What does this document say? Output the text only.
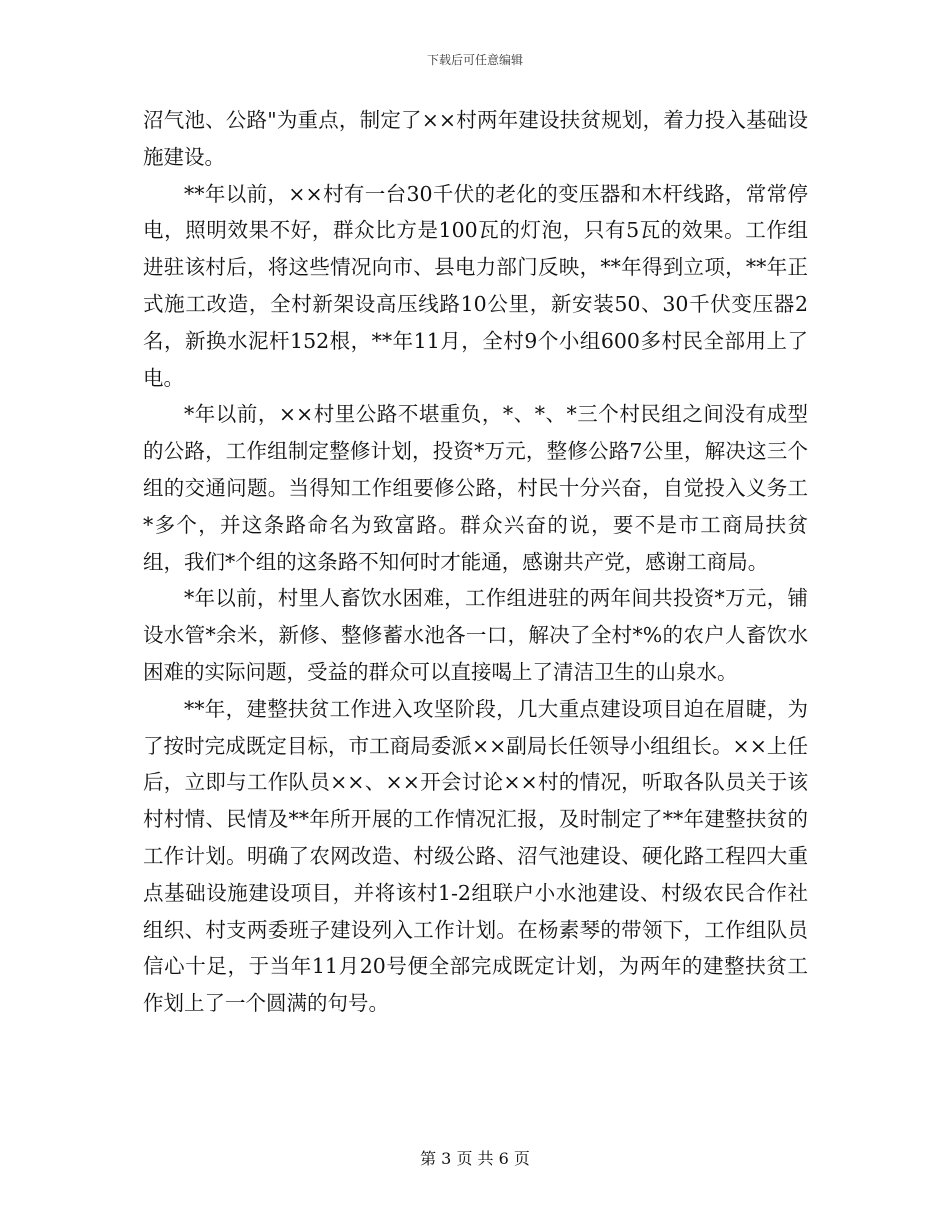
下载后可任意编辑

沼气池、公路"为重点，制定了××村两年建设扶贫规划，着力投入基础设施建设。

**年以前，××村有一台30千伏的老化的变压器和木杆线路，常常停电，照明效果不好，群众比方是100瓦的灯泡，只有5瓦的效果。工作组进驻该村后，将这些情况向市、县电力部门反映，**年得到立项，**年正式施工改造，全村新架设高压线路10公里，新安装50、30千伏变压器2名，新换水泥杆152根，**年11月，全村9个小组600多村民全部用上了电。

*年以前，××村里公路不堪重负，*、*、*三个村民组之间没有成型的公路，工作组制定整修计划，投资*万元，整修公路7公里，解决这三个组的交通问题。当得知工作组要修公路，村民十分兴奋，自觉投入义务工*多个，并这条路命名为致富路。群众兴奋的说，要不是市工商局扶贫组，我们*个组的这条路不知何时才能通，感谢共产党，感谢工商局。

*年以前，村里人畜饮水困难，工作组进驻的两年间共投资*万元，铺设水管*余米，新修、整修蓄水池各一口，解决了全村*%的农户人畜饮水困难的实际问题，受益的群众可以直接喝上了清洁卫生的山泉水。

**年，建整扶贫工作进入攻坚阶段，几大重点建设项目迫在眉睫，为了按时完成既定目标，市工商局委派××副局长任领导小组组长。××上任后，立即与工作队员××、××开会讨论××村的情况，听取各队员关于该村村情、民情及**年所开展的工作情况汇报，及时制定了**年建整扶贫的工作计划。明确了农网改造、村级公路、沼气池建设、硬化路工程四大重点基础设施建设项目，并将该村1-2组联户小水池建设、村级农民合作社组织、村支两委班子建设列入工作计划。在杨素琴的带领下，工作组队员信心十足，于当年11月20号便全部完成既定计划，为两年的建整扶贫工作划上了一个圆满的句号。

第 3 页 共 6 页
